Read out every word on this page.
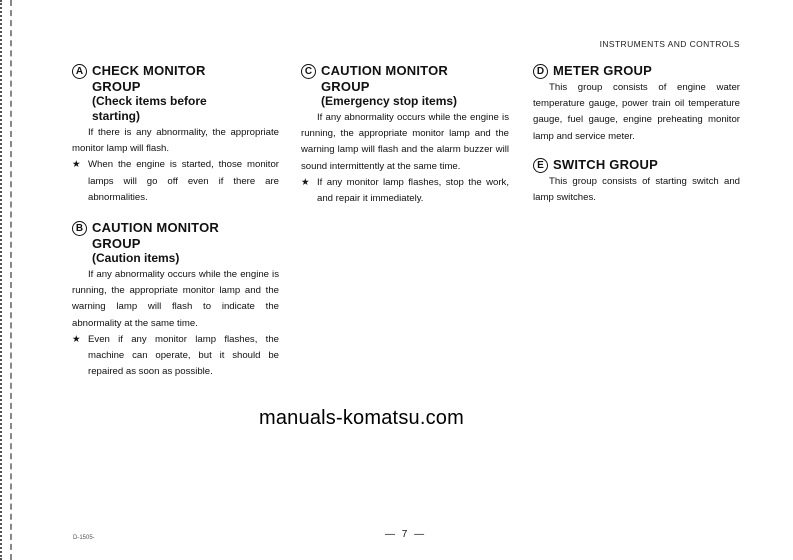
INSTRUMENTS AND CONTROLS
A CHECK MONITOR
GROUP
(Check items before
starting)

If there is any abnormality, the appropriate monitor lamp will flash.

★ When the engine is started, those monitor lamps will go off even if there are abnormalities.
B CAUTION MONITOR
GROUP
(Caution items)

If any abnormality occurs while the engine is running, the appropriate monitor lamp and the warning lamp will flash to indicate the abnormality at the same time.

★ Even if any monitor lamp flashes, the machine can operate, but it should be repaired as soon as possible.
C CAUTION MONITOR
GROUP
(Emergency stop items)

If any abnormality occurs while the engine is running, the appropriate monitor lamp and the warning lamp will flash and the alarm buzzer will sound intermittently at the same time.

★ If any monitor lamp flashes, stop the work, and repair it immediately.
D METER GROUP

This group consists of engine water temperature gauge, power train oil temperature gauge, fuel gauge, engine preheating monitor lamp and service meter.

E SWITCH GROUP

This group consists of starting switch and lamp switches.

manuals-komatsu.com
D-1505-	— 7 —
